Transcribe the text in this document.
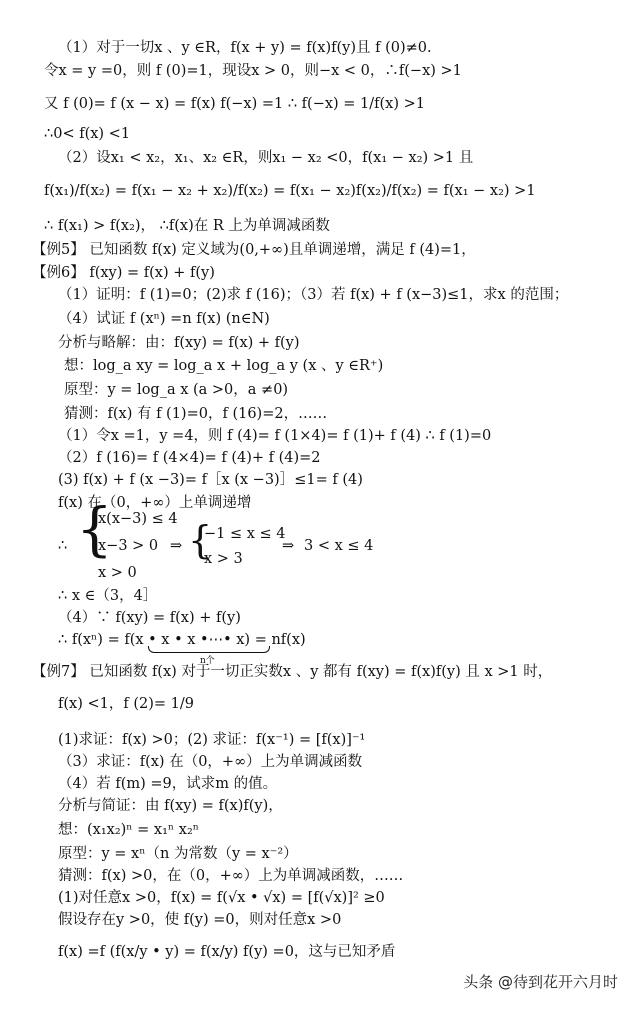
（1）对于一切x 、y ∈R，f(x + y) = f(x)f(y)且 f (0)≠0.
令x = y =0，则 f (0)=1，现设x > 0，则−x < 0，∴f(−x) >1
又 f (0)= f (x − x) = f(x) f(−x) =1 ∴ f(−x) = 1/f(x) >1
∴0< f(x) <1
（2）设x₁ < x₂，x₁、x₂ ∈R，则x₁ − x₂ <0，f(x₁ − x₂) >1 且
f(x₁)/f(x₂) = f(x₁ − x₂ + x₂)/f(x₂) = f(x₁ − x₂)f(x₂)/f(x₂) = f(x₁ − x₂) >1
∴ f(x₁) > f(x₂)， ∴f(x)在 R 上为单调减函数
【例5】 已知函数 f(x) 定义域为(0,+∞)且单调递增，满足 f (4)=1，
【例6】 f(xy) = f(x) + f(y)
（1）证明：f (1)=0；(2)求 f (16)；（3）若 f(x) + f (x−3)≤1，求x 的范围；
（4）试证 f (xⁿ) =n f(x) (n∈N)
分析与略解：由：f(xy) = f(x) + f(y)
想：log_a xy = log_a x + log_a y (x 、y ∈R⁺)
原型：y = log_a x (a >0，a ≠0)
猜测：f(x) 有 f (1)=0，f (16)=2，……
（1）令x =1，y =4，则 f (4)= f (1×4)= f (1)+ f (4) ∴ f (1)=0
（2）f (16)= f (4×4)= f (4)+ f (4)=2
(3) f(x) + f (x −3)= f［x (x −3)］≤1= f (4)
f(x) 在（0，+∞）上单调递增
∴ x ∈（3，4］
（4）∵ f(xy) = f(x) + f(y)
∴ f(xⁿ) = f(x • x • x •⋯• x) = nf(x)
【例7】 已知函数 f(x) 对于一切正实数x 、y 都有 f(xy) = f(x)f(y) 且 x >1 时，
f(x) <1，f (2)= 1/9
(1)求证：f(x) >0；(2) 求证：f(x⁻¹) = [f(x)]⁻¹
（3）求证：f(x) 在（0，+∞）上为单调减函数
（4）若 f(m) =9，试求m 的值。
分析与简证：由 f(xy) = f(x)f(y)，
想：(x₁x₂)ⁿ = x₁ⁿ x₂ⁿ
原型：y = xⁿ（n 为常数（y = x⁻²）
猜测：f(x) >0，在（0，+∞）上为单调减函数，……
(1)对任意x >0，f(x) = f(√x • √x) = [f(√x)]² ≥0
假设存在y >0，使 f(y) =0，则对任意x >0
f(x) =f (f(x/y • y) = f(x/y) f(y) =0，这与已知矛盾
∴ {
x(x−3) ≤ 4
x−3 > 0
x > 0
⇒ {
−1 ≤ x ≤ 4
x > 3
⇒ 3 < x ≤ 4
n个
头条 @待到花开六月时
